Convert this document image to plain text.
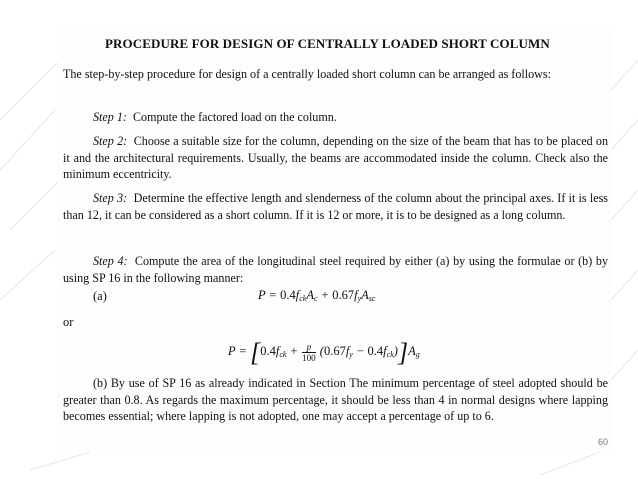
PROCEDURE FOR DESIGN OF CENTRALLY LOADED SHORT COLUMN
The step-by-step procedure for design of a centrally loaded short column can be arranged as follows:
Step 1: Compute the factored load on the column.
Step 2: Choose a suitable size for the column, depending on the size of the beam that has to be placed on it and the architectural requirements. Usually, the beams are accommodated inside the column. Check also the minimum eccentricity.
Step 3: Determine the effective length and slenderness of the column about the principal axes. If it is less than 12, it can be considered as a short column. If it is 12 or more, it is to be designed as a long column.
Step 4: Compute the area of the longitudinal steel required by either (a) by using the formulae or (b) by using SP 16 in the following manner:
(a)	P = 0.4fckAc + 0.67fyAsc
or
$P = [0.4fck + \frac{p}{100} (0.67fy - 0.4fck)]Ag$
(b) By use of SP 16 as already indicated in Section The minimum percentage of steel adopted should be greater than 0.8. As regards the maximum percentage, it should be less than 4 in normal designs where lapping becomes essential; where lapping is not adopted, one may accept a percentage of up to 6.
60
